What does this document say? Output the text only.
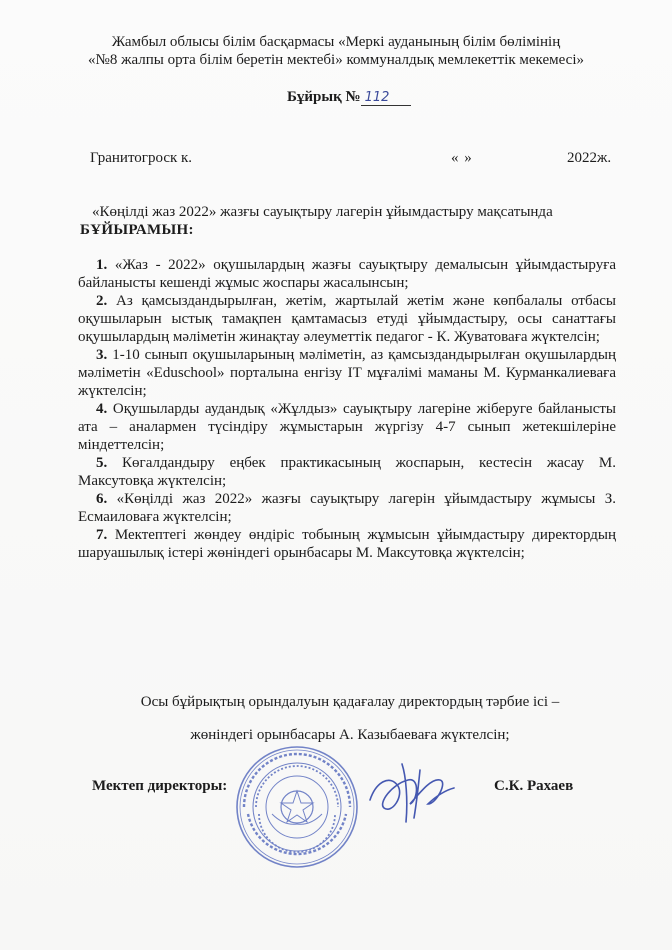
Жамбыл облысы білім басқармасы «Меркі ауданының білім бөлімінің
«№8 жалпы орта білім беретін мектебі» коммуналдық мемлекеттік мекемесі»
Бұйрық № 112
Гранитогроск к.	« »	2022ж.
«Көңілді жаз 2022» жазғы сауықтыру лагерін ұйымдастыру мақсатында
БҰЙЫРАМЫН:

1. «Жаз - 2022» оқушылардың жазғы сауықтыру демалысын ұйымдастыруға байланысты кешенді жұмыс жоспары жасалынсын;

2. Аз қамсыздандырылған, жетім, жартылай жетім және көпбалалы отбасы оқушыларын ыстық тамақпен қамтамасыз етуді ұйымдастыру, осы санаттағы оқушылардың мәліметін жинақтау әлеуметтік педагог - К. Жуватоваға жүктелсін;

3. 1-10 сынып оқушыларының мәліметін, аз қамсыздандырылған оқушылардың мәліметін «Eduschool» порталына енгізу IT мұғалімі маманы М. Курманкалиеваға жүктелсін;

4. Оқушыларды аудандық «Жұлдыз» сауықтыру лагеріне жіберуге байланысты ата – аналармен түсіндіру жұмыстарын жүргізу 4-7 сынып жетекшілеріне міндеттелсін;

5. Көгалдандыру еңбек практикасының жоспарын, кестесін жасау М. Максутовқа жүктелсін;

6. «Көңілді жаз 2022» жазғы сауықтыру лагерін ұйымдастыру жұмысы З. Есмаиловаға жүктелсін;

7. Мектептегі жөндеу өндіріс тобының жұмысын ұйымдастыру директордың шаруашылық істері жөніндегі орынбасары М. Максутовқа жүктелсін;

Осы бұйрықтың орындалуын қадағалау директордың тәрбие ісі –
жөніндегі орынбасары А. Казыбаеваға жүктелсін;
Мектеп директоры:	С.К. Рахаев
